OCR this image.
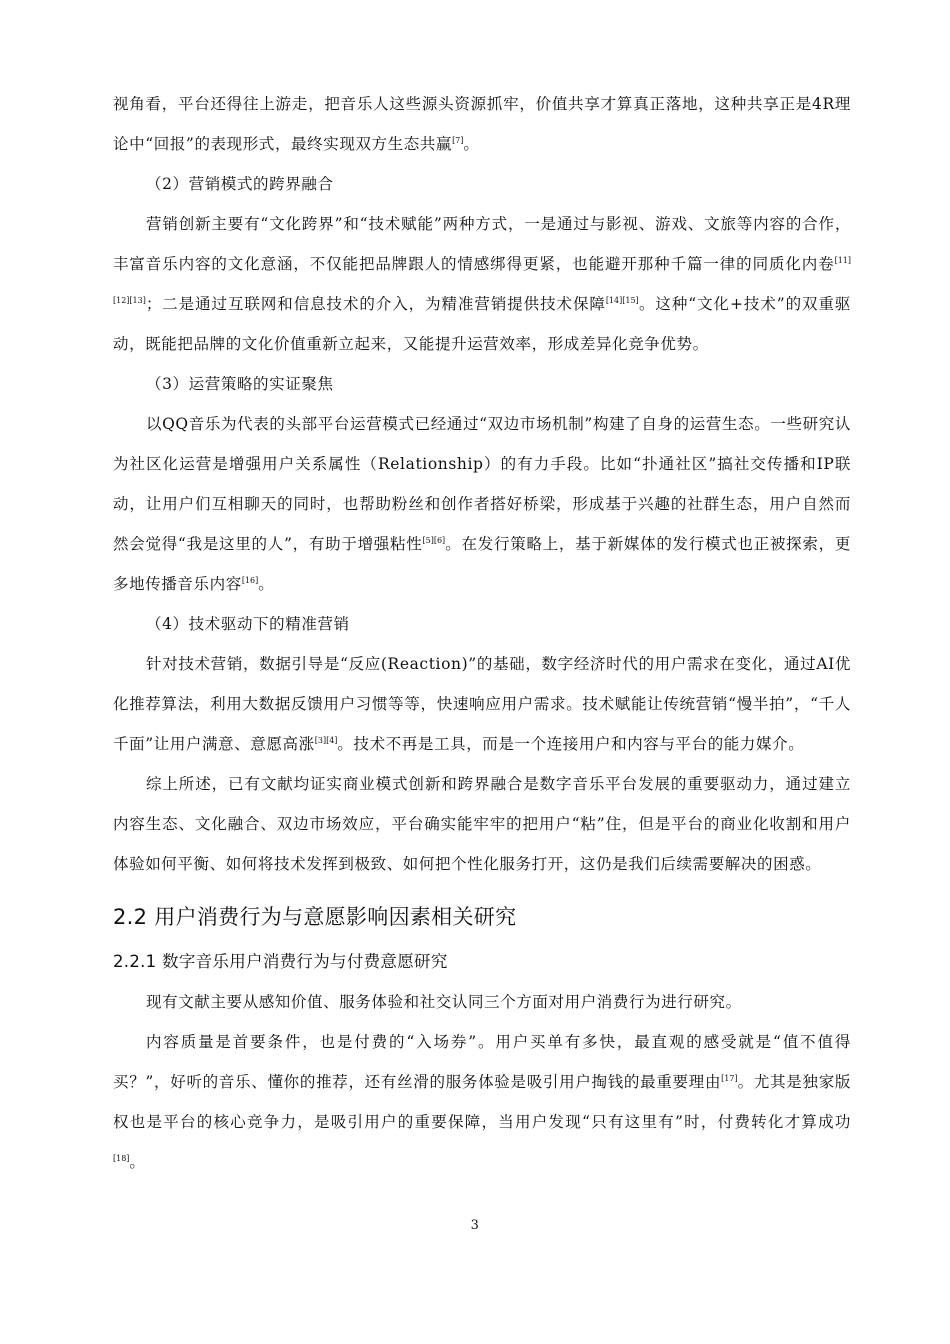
视角看，平台还得往上游走，把音乐人这些源头资源抓牢，价值共享才算真正落地，这种共享正是4R理论中“回报”的表现形式，最终实现双方生态共赢[7]。

（2）营销模式的跨界融合

营销创新主要有“文化跨界”和“技术赋能”两种方式，一是通过与影视、游戏、文旅等内容的合作，丰富音乐内容的文化意涵，不仅能把品牌跟人的情感绑得更紧，也能避开那种千篇一律的同质化内卷[11][12][13]；二是通过互联网和信息技术的介入，为精准营销提供技术保障[14][15]。这种“文化+技术”的双重驱动，既能把品牌的文化价值重新立起来，又能提升运营效率，形成差异化竞争优势。

（3）运营策略的实证聚焦

以QQ音乐为代表的头部平台运营模式已经通过“双边市场机制”构建了自身的运营生态。一些研究认为社区化运营是增强用户关系属性（Relationship）的有力手段。比如“扑通社区”搞社交传播和IP联动，让用户们互相聊天的同时，也帮助粉丝和创作者搭好桥梁，形成基于兴趣的社群生态，用户自然而然会觉得“我是这里的人”，有助于增强粘性[5][6]。在发行策略上，基于新媒体的发行模式也正被探索，更多地传播音乐内容[16]。

（4）技术驱动下的精准营销

针对技术营销，数据引导是“反应(Reaction)”的基础，数字经济时代的用户需求在变化，通过AI优化推荐算法，利用大数据反馈用户习惯等等，快速响应用户需求。技术赋能让传统营销“慢半拍”，“千人千面”让用户满意、意愿高涨[3][4]。技术不再是工具，而是一个连接用户和内容与平台的能力媒介。

综上所述，已有文献均证实商业模式创新和跨界融合是数字音乐平台发展的重要驱动力，通过建立内容生态、文化融合、双边市场效应，平台确实能牢牢的把用户“粘”住，但是平台的商业化收割和用户体验如何平衡、如何将技术发挥到极致、如何把个性化服务打开，这仍是我们后续需要解决的困惑。

2.2 用户消费行为与意愿影响因素相关研究
2.2.1 数字音乐用户消费行为与付费意愿研究

现有文献主要从感知价值、服务体验和社交认同三个方面对用户消费行为进行研究。

内容质量是首要条件，也是付费的“入场券”。用户买单有多快，最直观的感受就是“值不值得买？”，好听的音乐、懂你的推荐，还有丝滑的服务体验是吸引用户掏钱的最重要理由[17]。尤其是独家版权也是平台的核心竞争力，是吸引用户的重要保障，当用户发现“只有这里有”时，付费转化才算成功[18]。

3
